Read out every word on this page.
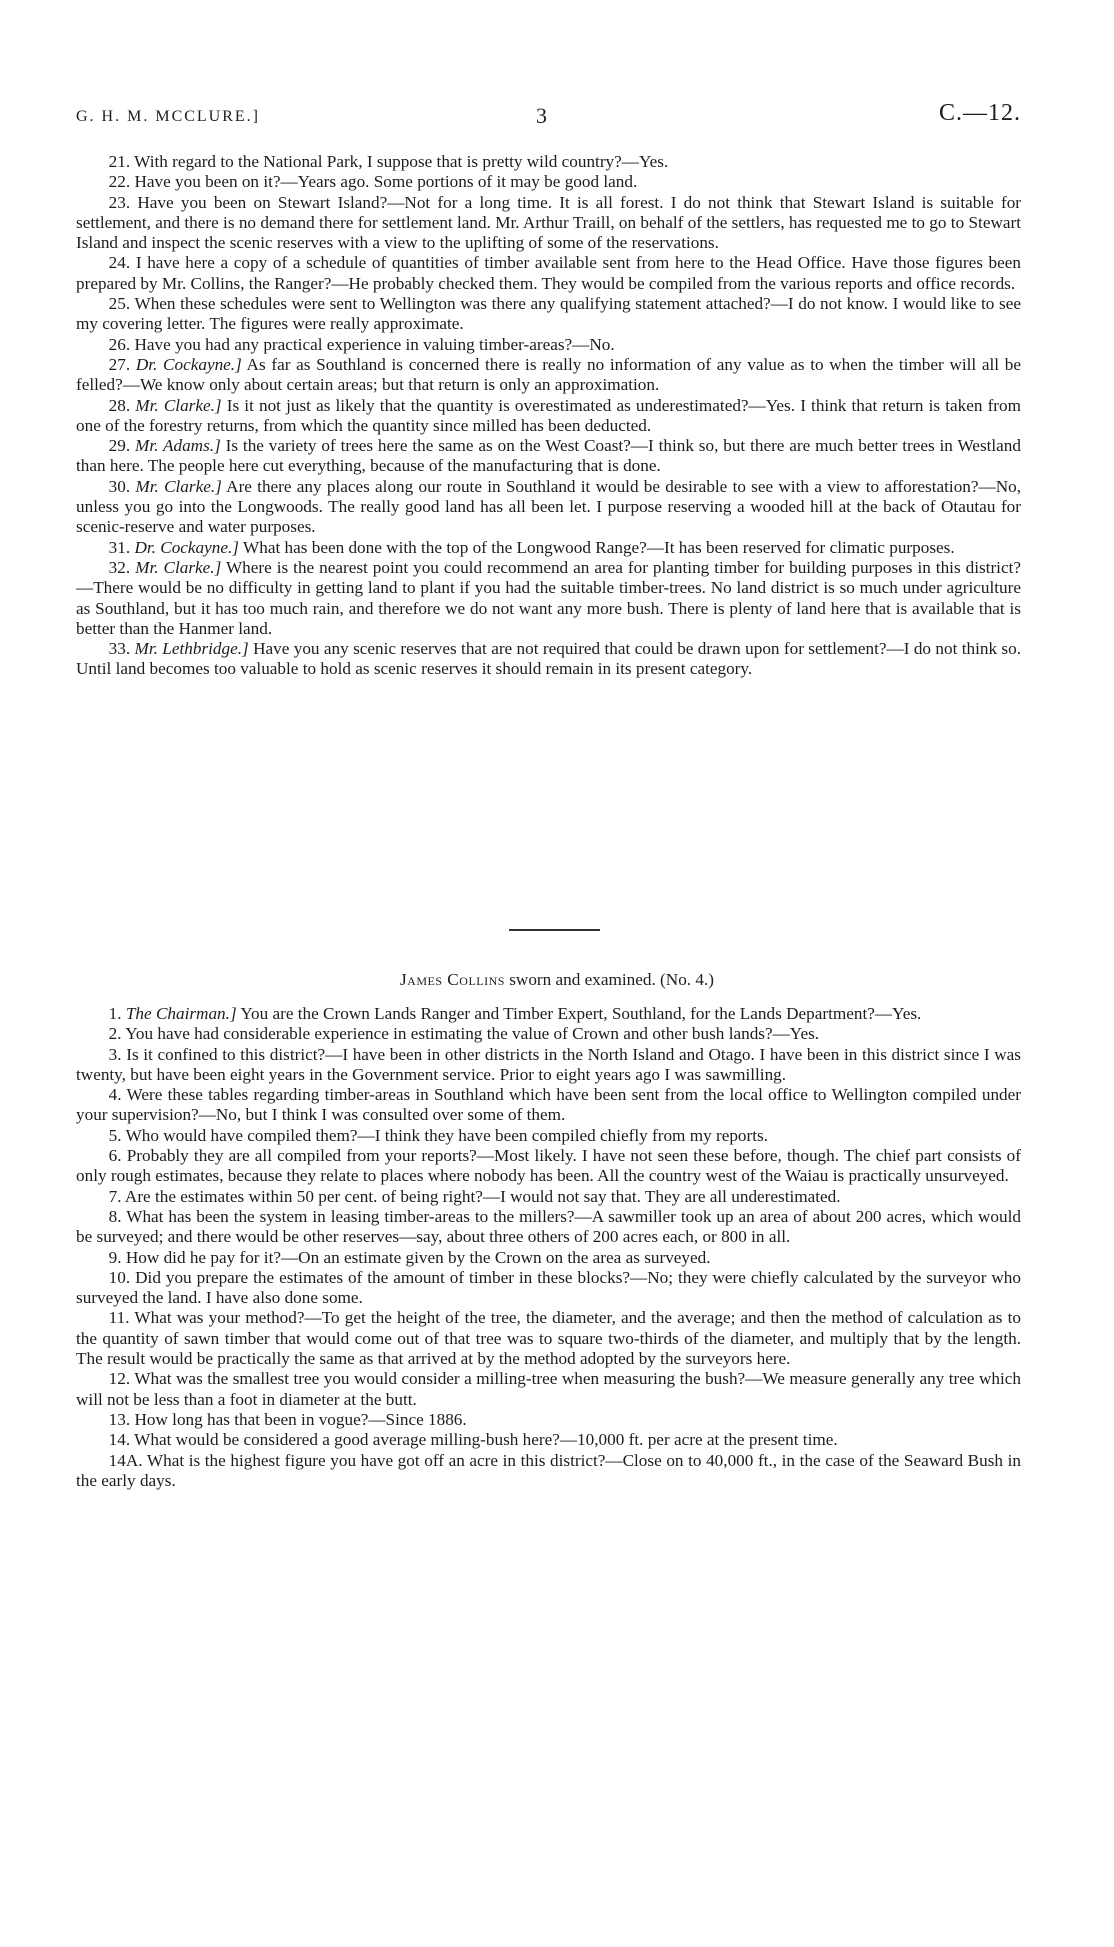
G. H. M. MCCLURE.]	3	C.—12.

21. With regard to the National Park, I suppose that is pretty wild country?—Yes.

22. Have you been on it?—Years ago. Some portions of it may be good land.

23. Have you been on Stewart Island?—Not for a long time. It is all forest. I do not think that Stewart Island is suitable for settlement, and there is no demand there for settlement land. Mr. Arthur Traill, on behalf of the settlers, has requested me to go to Stewart Island and inspect the scenic reserves with a view to the uplifting of some of the reservations.

24. I have here a copy of a schedule of quantities of timber available sent from here to the Head Office. Have those figures been prepared by Mr. Collins, the Ranger?—He probably checked them. They would be compiled from the various reports and office records.

25. When these schedules were sent to Wellington was there any qualifying statement attached?—I do not know. I would like to see my covering letter. The figures were really approximate.

26. Have you had any practical experience in valuing timber-areas?—No.

27. Dr. Cockayne.] As far as Southland is concerned there is really no information of any value as to when the timber will all be felled?—We know only about certain areas; but that return is only an approximation.

28. Mr. Clarke.] Is it not just as likely that the quantity is overestimated as underestimated?—Yes. I think that return is taken from one of the forestry returns, from which the quantity since milled has been deducted.

29. Mr. Adams.] Is the variety of trees here the same as on the West Coast?—I think so, but there are much better trees in Westland than here. The people here cut everything, because of the manufacturing that is done.

30. Mr. Clarke.] Are there any places along our route in Southland it would be desirable to see with a view to afforestation?—No, unless you go into the Longwoods. The really good land has all been let. I purpose reserving a wooded hill at the back of Otautau for scenic-reserve and water purposes.

31. Dr. Cockayne.] What has been done with the top of the Longwood Range?—It has been reserved for climatic purposes.

32. Mr. Clarke.] Where is the nearest point you could recommend an area for planting timber for building purposes in this district?—There would be no difficulty in getting land to plant if you had the suitable timber-trees. No land district is so much under agriculture as Southland, but it has too much rain, and therefore we do not want any more bush. There is plenty of land here that is available that is better than the Hanmer land.

33. Mr. Lethbridge.] Have you any scenic reserves that are not required that could be drawn upon for settlement?—I do not think so. Until land becomes too valuable to hold as scenic reserves it should remain in its present category.

James Collins sworn and examined. (No. 4.)

1. The Chairman.] You are the Crown Lands Ranger and Timber Expert, Southland, for the Lands Department?—Yes.

2. You have had considerable experience in estimating the value of Crown and other bush lands?—Yes.

3. Is it confined to this district?—I have been in other districts in the North Island and Otago. I have been in this district since I was twenty, but have been eight years in the Government service. Prior to eight years ago I was sawmilling.

4. Were these tables regarding timber-areas in Southland which have been sent from the local office to Wellington compiled under your supervision?—No, but I think I was consulted over some of them.

5. Who would have compiled them?—I think they have been compiled chiefly from my reports.

6. Probably they are all compiled from your reports?—Most likely. I have not seen these before, though. The chief part consists of only rough estimates, because they relate to places where nobody has been. All the country west of the Waiau is practically unsurveyed.

7. Are the estimates within 50 per cent. of being right?—I would not say that. They are all underestimated.

8. What has been the system in leasing timber-areas to the millers?—A sawmiller took up an area of about 200 acres, which would be surveyed; and there would be other reserves—say, about three others of 200 acres each, or 800 in all.

9. How did he pay for it?—On an estimate given by the Crown on the area as surveyed.

10. Did you prepare the estimates of the amount of timber in these blocks?—No; they were chiefly calculated by the surveyor who surveyed the land. I have also done some.

11. What was your method?—To get the height of the tree, the diameter, and the average; and then the method of calculation as to the quantity of sawn timber that would come out of that tree was to square two-thirds of the diameter, and multiply that by the length. The result would be practically the same as that arrived at by the method adopted by the surveyors here.

12. What was the smallest tree you would consider a milling-tree when measuring the bush?—We measure generally any tree which will not be less than a foot in diameter at the butt.

13. How long has that been in vogue?—Since 1886.

14. What would be considered a good average milling-bush here?—10,000 ft. per acre at the present time.

14A. What is the highest figure you have got off an acre in this district?—Close on to 40,000 ft., in the case of the Seaward Bush in the early days.
